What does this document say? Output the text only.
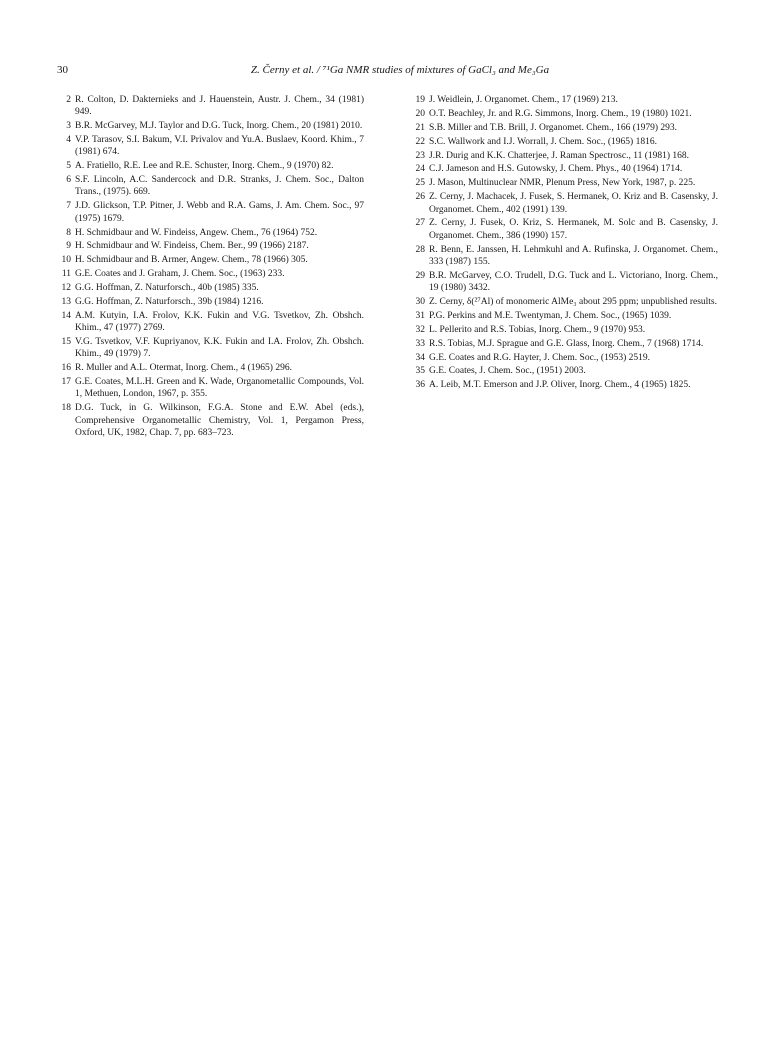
30	Z. Černy et al. / ⁷¹Ga NMR studies of mixtures of GaCl₃ and Me₃Ga
2 R. Colton, D. Dakternieks and J. Hauenstein, Austr. J. Chem., 34 (1981) 949.
3 B.R. McGarvey, M.J. Taylor and D.G. Tuck, Inorg. Chem., 20 (1981) 2010.
4 V.P. Tarasov, S.I. Bakum, V.I. Privalov and Yu.A. Buslaev, Koord. Khim., 7 (1981) 674.
5 A. Fratiello, R.E. Lee and R.E. Schuster, Inorg. Chem., 9 (1970) 82.
6 S.F. Lincoln, A.C. Sandercock and D.R. Stranks, J. Chem. Soc., Dalton Trans., (1975). 669.
7 J.D. Glickson, T.P. Pitner, J. Webb and R.A. Gams, J. Am. Chem. Soc., 97 (1975) 1679.
8 H. Schmidbaur and W. Findeiss, Angew. Chem., 76 (1964) 752.
9 H. Schmidbaur and W. Findeiss, Chem. Ber., 99 (1966) 2187.
10 H. Schmidbaur and B. Armer, Angew. Chem., 78 (1966) 305.
11 G.E. Coates and J. Graham, J. Chem. Soc., (1963) 233.
12 G.G. Hoffman, Z. Naturforsch., 40b (1985) 335.
13 G.G. Hoffman, Z. Naturforsch., 39b (1984) 1216.
14 A.M. Kutyin, I.A. Frolov, K.K. Fukin and V.G. Tsvetkov, Zh. Obshch. Khim., 47 (1977) 2769.
15 V.G. Tsvetkov, V.F. Kupriyanov, K.K. Fukin and I.A. Frolov, Zh. Obshch. Khim., 49 (1979) 7.
16 R. Muller and A.L. Otermat, Inorg. Chem., 4 (1965) 296.
17 G.E. Coates, M.L.H. Green and K. Wade, Organometallic Compounds, Vol. 1, Methuen, London, 1967, p. 355.
18 D.G. Tuck, in G. Wilkinson, F.G.A. Stone and E.W. Abel (eds.), Comprehensive Organometallic Chemistry, Vol. 1, Pergamon Press, Oxford, UK, 1982, Chap. 7, pp. 683–723.
19 J. Weidlein, J. Organomet. Chem., 17 (1969) 213.
20 O.T. Beachley, Jr. and R.G. Simmons, Inorg. Chem., 19 (1980) 1021.
21 S.B. Miller and T.B. Brill, J. Organomet. Chem., 166 (1979) 293.
22 S.C. Wallwork and I.J. Worrall, J. Chem. Soc., (1965) 1816.
23 J.R. Durig and K.K. Chatterjee, J. Raman Spectrosc., 11 (1981) 168.
24 C.J. Jameson and H.S. Gutowsky, J. Chem. Phys., 40 (1964) 1714.
25 J. Mason, Multinuclear NMR, Plenum Press, New York, 1987, p. 225.
26 Z. Cerny, J. Machacek, J. Fusek, S. Hermanek, O. Kriz and B. Casensky, J. Organomet. Chem., 402 (1991) 139.
27 Z. Cerny, J. Fusek, O. Kriz, S. Hermanek, M. Solc and B. Casensky, J. Organomet. Chem., 386 (1990) 157.
28 R. Benn, E. Janssen, H. Lehmkuhl and A. Rufinska, J. Organomet. Chem., 333 (1987) 155.
29 B.R. McGarvey, C.O. Trudell, D.G. Tuck and L. Victoriano, Inorg. Chem., 19 (1980) 3432.
30 Z. Cerny, δ(²⁷Al) of monomeric AlMe₃ about 295 ppm; unpublished results.
31 P.G. Perkins and M.E. Twentyman, J. Chem. Soc., (1965) 1039.
32 L. Pellerito and R.S. Tobias, Inorg. Chem., 9 (1970) 953.
33 R.S. Tobias, M.J. Sprague and G.E. Glass, Inorg. Chem., 7 (1968) 1714.
34 G.E. Coates and R.G. Hayter, J. Chem. Soc., (1953) 2519.
35 G.E. Coates, J. Chem. Soc., (1951) 2003.
36 A. Leib, M.T. Emerson and J.P. Oliver, Inorg. Chem., 4 (1965) 1825.
